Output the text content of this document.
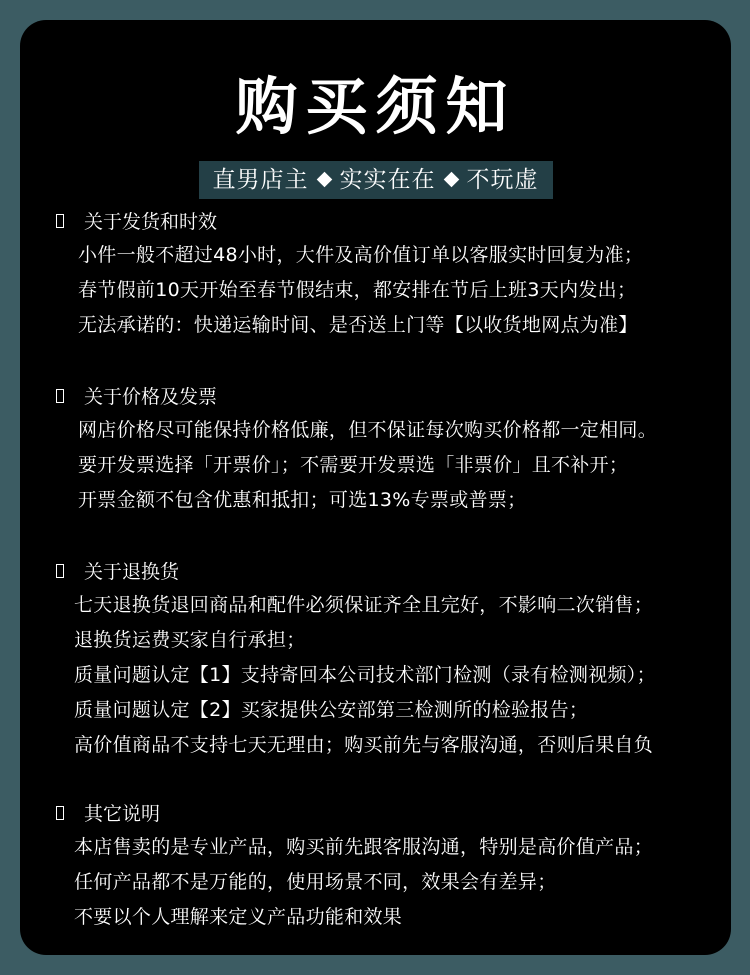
购买须知
直男店主 实实在在 不玩虚
关于发货和时效
小件一般不超过48小时，大件及高价值订单以客服实时回复为准；
春节假前10天开始至春节假结束，都安排在节后上班3天内发出；
无法承诺的：快递运输时间、是否送上门等【以收货地网点为准】
关于价格及发票
网店价格尽可能保持价格低廉，但不保证每次购买价格都一定相同。
要开发票选择「开票价」；不需要开发票选「非票价」且不补开；
开票金额不包含优惠和抵扣；可选13%专票或普票；
关于退换货
七天退换货退回商品和配件必须保证齐全且完好，不影响二次销售；
退换货运费买家自行承担；
质量问题认定【1】支持寄回本公司技术部门检测（录有检测视频）；
质量问题认定【2】买家提供公安部第三检测所的检验报告；
高价值商品不支持七天无理由；购买前先与客服沟通，否则后果自负
其它说明
本店售卖的是专业产品，购买前先跟客服沟通，特别是高价值产品；
任何产品都不是万能的，使用场景不同，效果会有差异；
不要以个人理解来定义产品功能和效果
